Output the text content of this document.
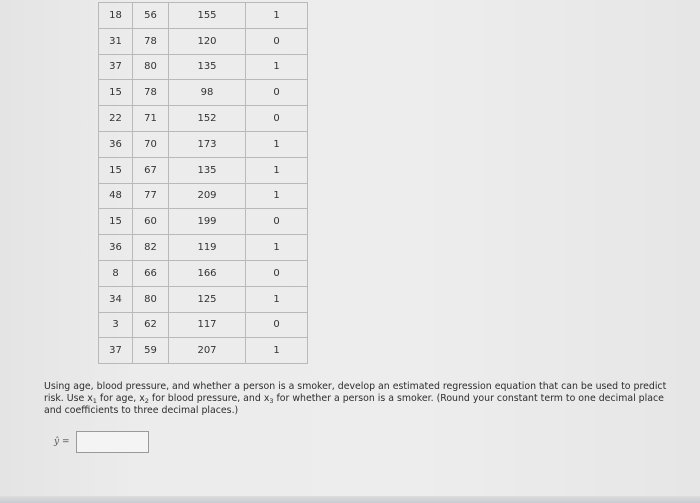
18	56	155	1
31	78	120	0
37	80	135	1
15	78	98	0
22	71	152	0
36	70	173	1
15	67	135	1
48	77	209	1
15	60	199	0
36	82	119	1
8	66	166	0
34	80	125	1
3	62	117	0
37	59	207	1
Using age, blood pressure, and whether a person is a smoker, develop an estimated regression equation that can be used to predict risk. Use $x_1$ for age, $x_2$ for blood pressure, and $x_3$ for whether a person is a smoker. (Round your constant term to one decimal place and coefficients to three decimal places.)
ŷ =
